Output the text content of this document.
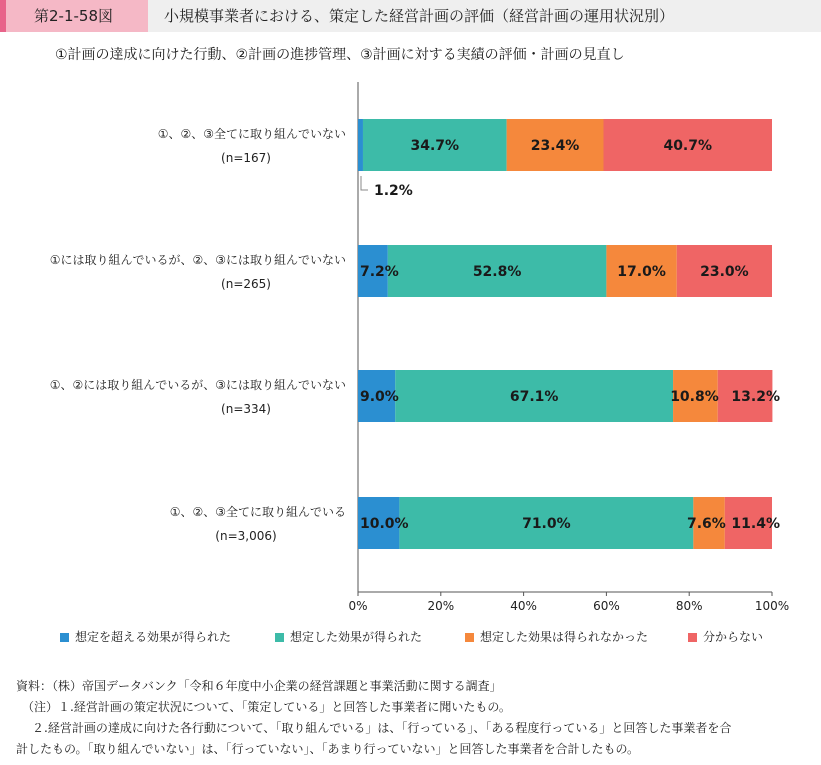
第2-1-58図	小規模事業者における、策定した経営計画の評価（経営計画の運用状況別）
①計画の達成に向けた行動、②計画の進捗管理、③計画に対する実績の評価・計画の見直し
0%	20%	40%	60%	80%	100%
①、②、③全てに取り組んでいない
(n=167)
①には取り組んでいるが、②、③には取り組んでいない
(n=265)
①、②には取り組んでいるが、③には取り組んでいない
(n=334)
①、②、③全てに取り組んでいる
(n=3,006)
1.2%
34.7%	23.4%	40.7%
7.2%	52.8%	17.0% 23.0%
9.0%	67.1%	10.8% 13.2%
10.0%	71.0%	7.6% 11.4%
想定を超える効果が得られた	想定した効果が得られた	想定した効果は得られなかった	分からない
資料：（株）帝国データバンク「令和６年度中小企業の経営課題と事業活動に関する調査」
（注）１.経営計画の策定状況について、「策定している」と回答した事業者に聞いたもの。
２.経営計画の達成に向けた各行動について、「取り組んでいる」は、「行っている」、「ある程度行っている」と回答した事業者を合
計したもの。「取り組んでいない」は、「行っていない」、「あまり行っていない」と回答した事業者を合計したもの。
